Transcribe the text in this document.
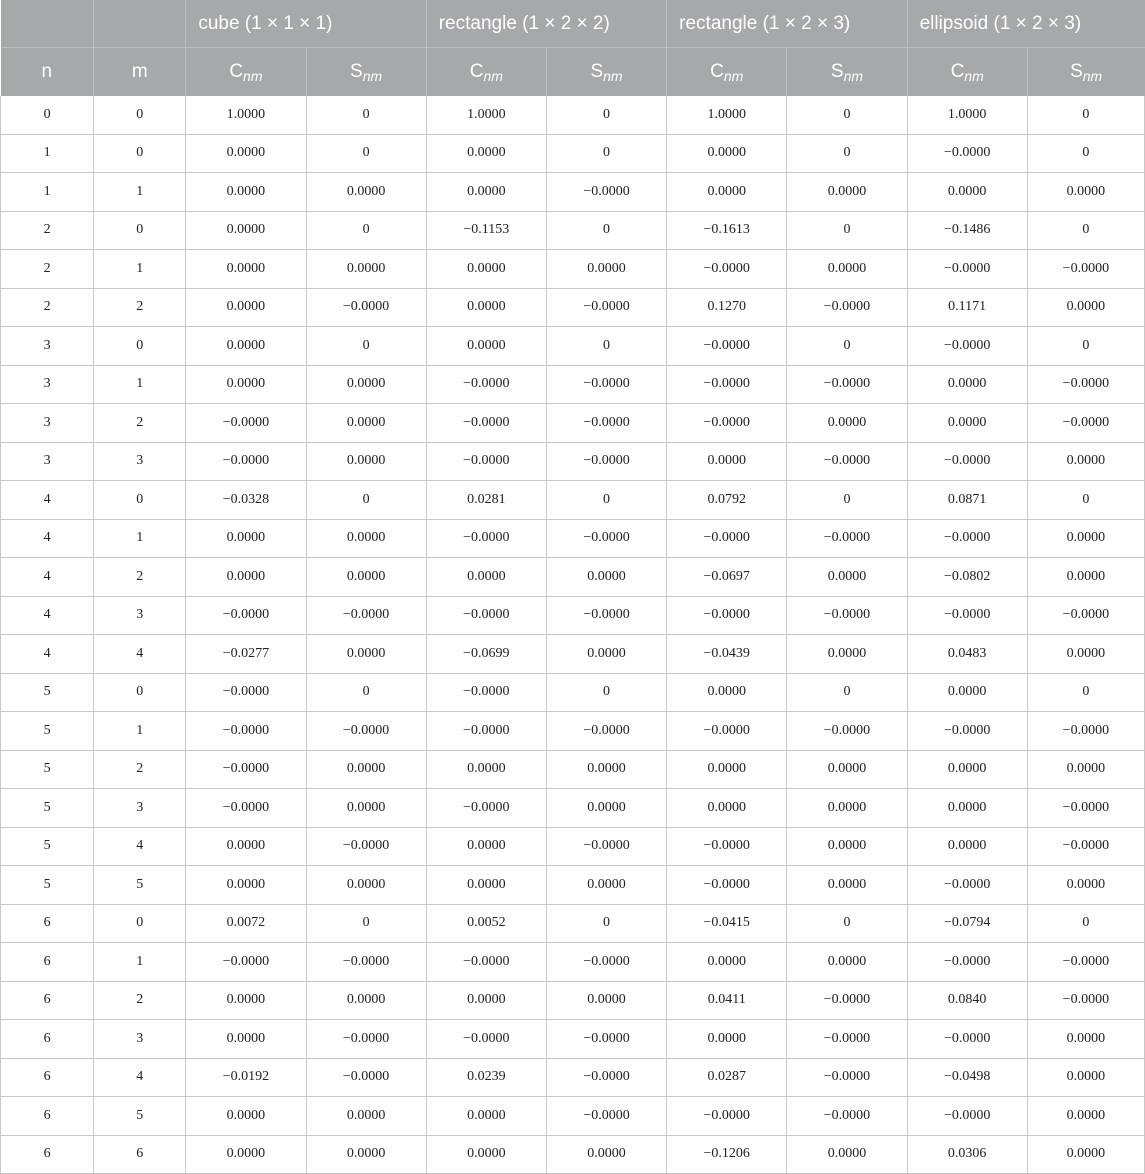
		cube (1 × 1 × 1)		rectangle (1 × 2 × 2)		rectangle (1 × 2 × 3)		ellipsoid (1 × 2 × 3)	
n	m	$C_{nm}$	$S_{nm}$	$C_{nm}$	$S_{nm}$	$C_{nm}$	$S_{nm}$	$C_{nm}$	$S_{nm}$
0	0	1.0000	0	1.0000	0	1.0000	0	1.0000	0
1	0	0.0000	0	0.0000	0	0.0000	0	−0.0000	0
1	1	0.0000	0.0000	0.0000	−0.0000	0.0000	0.0000	0.0000	0.0000
2	0	0.0000	0	−0.1153	0	−0.1613	0	−0.1486	0
2	1	0.0000	0.0000	0.0000	0.0000	−0.0000	0.0000	−0.0000	−0.0000
2	2	0.0000	−0.0000	0.0000	−0.0000	0.1270	−0.0000	0.1171	0.0000
3	0	0.0000	0	0.0000	0	−0.0000	0	−0.0000	0
3	1	0.0000	0.0000	−0.0000	−0.0000	−0.0000	−0.0000	0.0000	−0.0000
3	2	−0.0000	0.0000	−0.0000	−0.0000	−0.0000	0.0000	0.0000	−0.0000
3	3	−0.0000	0.0000	−0.0000	−0.0000	0.0000	−0.0000	−0.0000	0.0000
4	0	−0.0328	0	0.0281	0	0.0792	0	0.0871	0
4	1	0.0000	0.0000	−0.0000	−0.0000	−0.0000	−0.0000	−0.0000	0.0000
4	2	0.0000	0.0000	0.0000	0.0000	−0.0697	0.0000	−0.0802	0.0000
4	3	−0.0000	−0.0000	−0.0000	−0.0000	−0.0000	−0.0000	−0.0000	−0.0000
4	4	−0.0277	0.0000	−0.0699	0.0000	−0.0439	0.0000	0.0483	0.0000
5	0	−0.0000	0	−0.0000	0	0.0000	0	0.0000	0
5	1	−0.0000	−0.0000	−0.0000	−0.0000	−0.0000	−0.0000	−0.0000	−0.0000
5	2	−0.0000	0.0000	0.0000	0.0000	0.0000	0.0000	0.0000	0.0000
5	3	−0.0000	0.0000	−0.0000	0.0000	0.0000	0.0000	0.0000	−0.0000
5	4	0.0000	−0.0000	0.0000	−0.0000	−0.0000	0.0000	0.0000	−0.0000
5	5	0.0000	0.0000	0.0000	0.0000	−0.0000	0.0000	−0.0000	0.0000
6	0	0.0072	0	0.0052	0	−0.0415	0	−0.0794	0
6	1	−0.0000	−0.0000	−0.0000	−0.0000	0.0000	0.0000	−0.0000	−0.0000
6	2	0.0000	0.0000	0.0000	0.0000	0.0411	−0.0000	0.0840	−0.0000
6	3	0.0000	−0.0000	−0.0000	−0.0000	0.0000	−0.0000	−0.0000	0.0000
6	4	−0.0192	−0.0000	0.0239	−0.0000	0.0287	−0.0000	−0.0498	0.0000
6	5	0.0000	0.0000	0.0000	−0.0000	−0.0000	−0.0000	−0.0000	0.0000
6	6	0.0000	0.0000	0.0000	0.0000	−0.1206	0.0000	0.0306	0.0000
